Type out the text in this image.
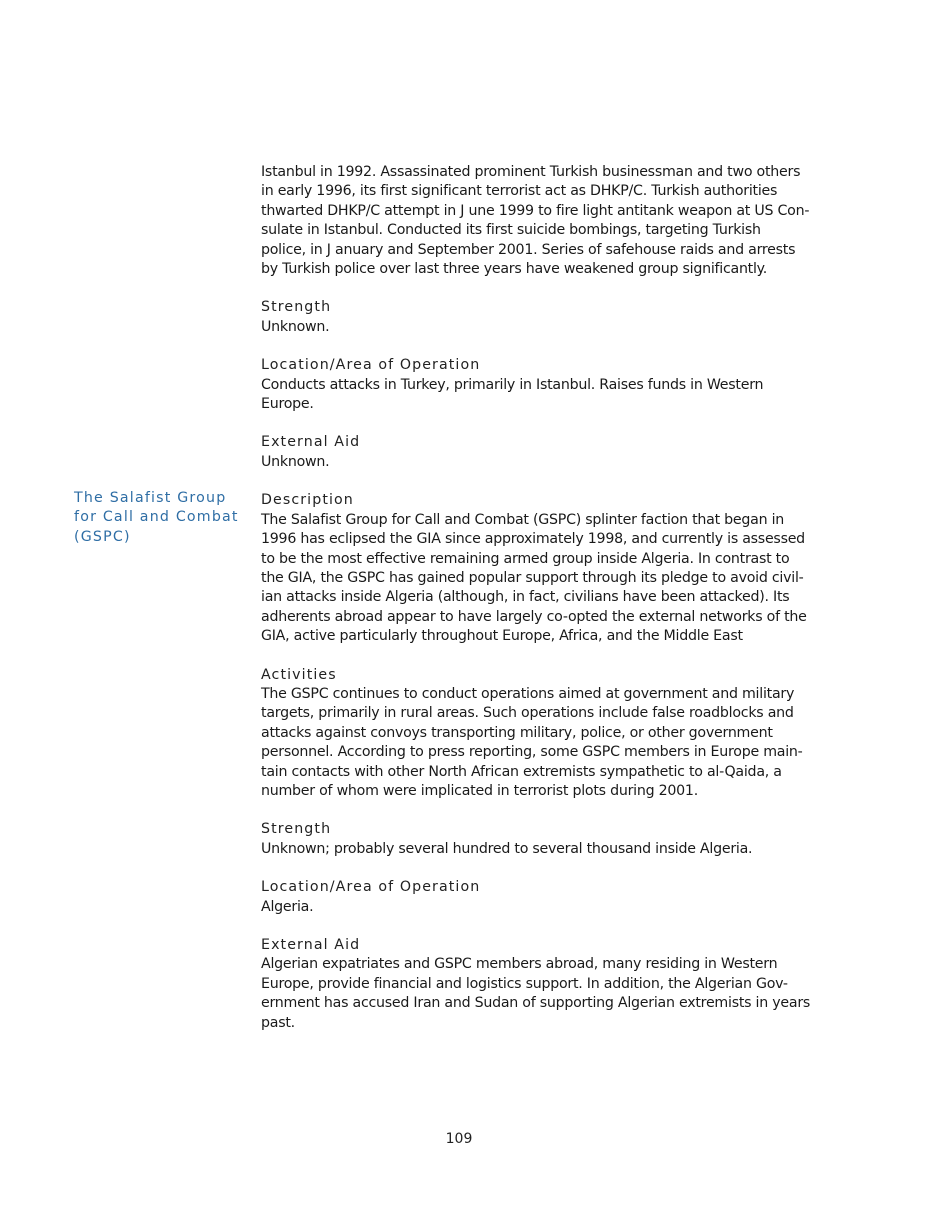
Istanbul in 1992. Assassinated prominent Turkish businessman and two others
in early 1996, its first significant terrorist act as DHKP/C. Turkish authorities
thwarted DHKP/C attempt in J une 1999 to fire light antitank weapon at US Con-
sulate in Istanbul. Conducted its first suicide bombings, targeting Turkish
police, in J anuary and September 2001. Series of safehouse raids and arrests
by Turkish police over last three years have weakened group significantly.
Strength
Unknown.
Location/Area of Operation
Conducts attacks in Turkey, primarily in Istanbul. Raises funds in Western
Europe.
External Aid
Unknown.
Description
The Salafist Group for Call and Combat (GSPC) splinter faction that began in
1996 has eclipsed the GIA since approximately 1998, and currently is assessed
to be the most effective remaining armed group inside Algeria. In contrast to
the GIA, the GSPC has gained popular support through its pledge to avoid civil-
ian attacks inside Algeria (although, in fact, civilians have been attacked). Its
adherents abroad appear to have largely co-opted the external networks of the
GIA, active particularly throughout Europe, Africa, and the Middle East
Activities
The GSPC continues to conduct operations aimed at government and military
targets, primarily in rural areas. Such operations include false roadblocks and
attacks against convoys transporting military, police, or other government
personnel. According to press reporting, some GSPC members in Europe main-
tain contacts with other North African extremists sympathetic to al-Qaida, a
number of whom were implicated in terrorist plots during 2001.
Strength
Unknown; probably several hundred to several thousand inside Algeria.
Location/Area of Operation
Algeria.
External Aid
Algerian expatriates and GSPC members abroad, many residing in Western
Europe, provide financial and logistics support. In addition, the Algerian Gov-
ernment has accused Iran and Sudan of supporting Algerian extremists in years
past.
The Salafist Group
for Call and Combat
(GSPC)
109
